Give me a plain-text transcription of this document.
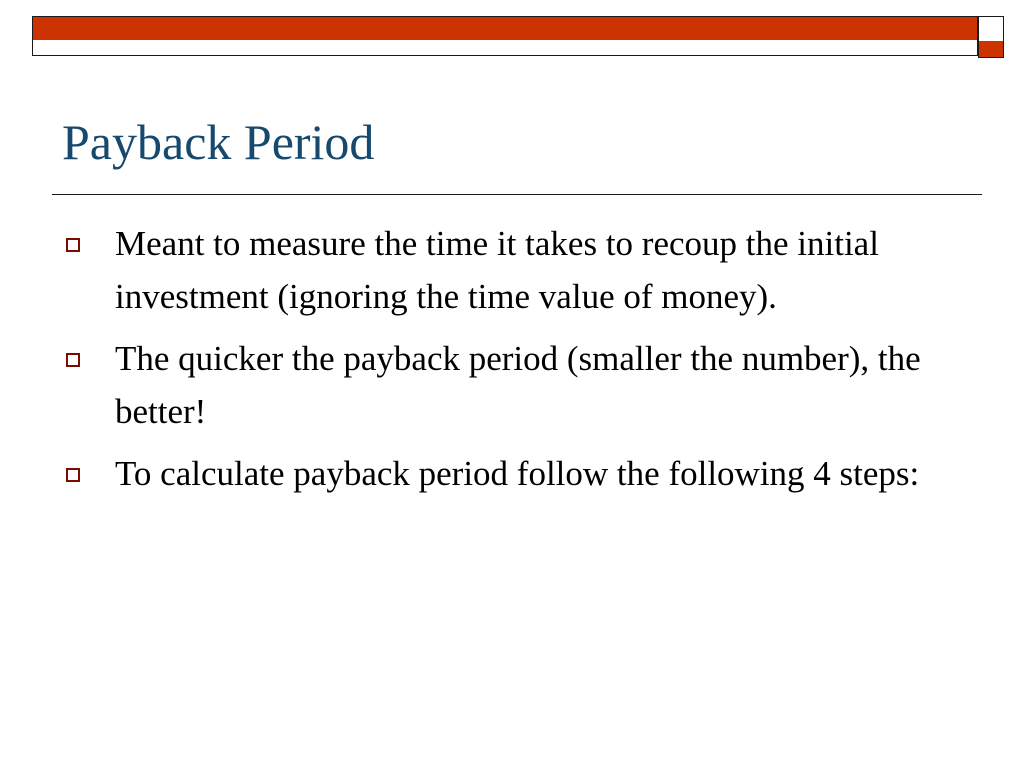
Payback Period
Meant to measure the time it takes to recoup the initial investment (ignoring the time value of money).
The quicker the payback period (smaller the number), the better!
To calculate payback period follow the following 4 steps:
